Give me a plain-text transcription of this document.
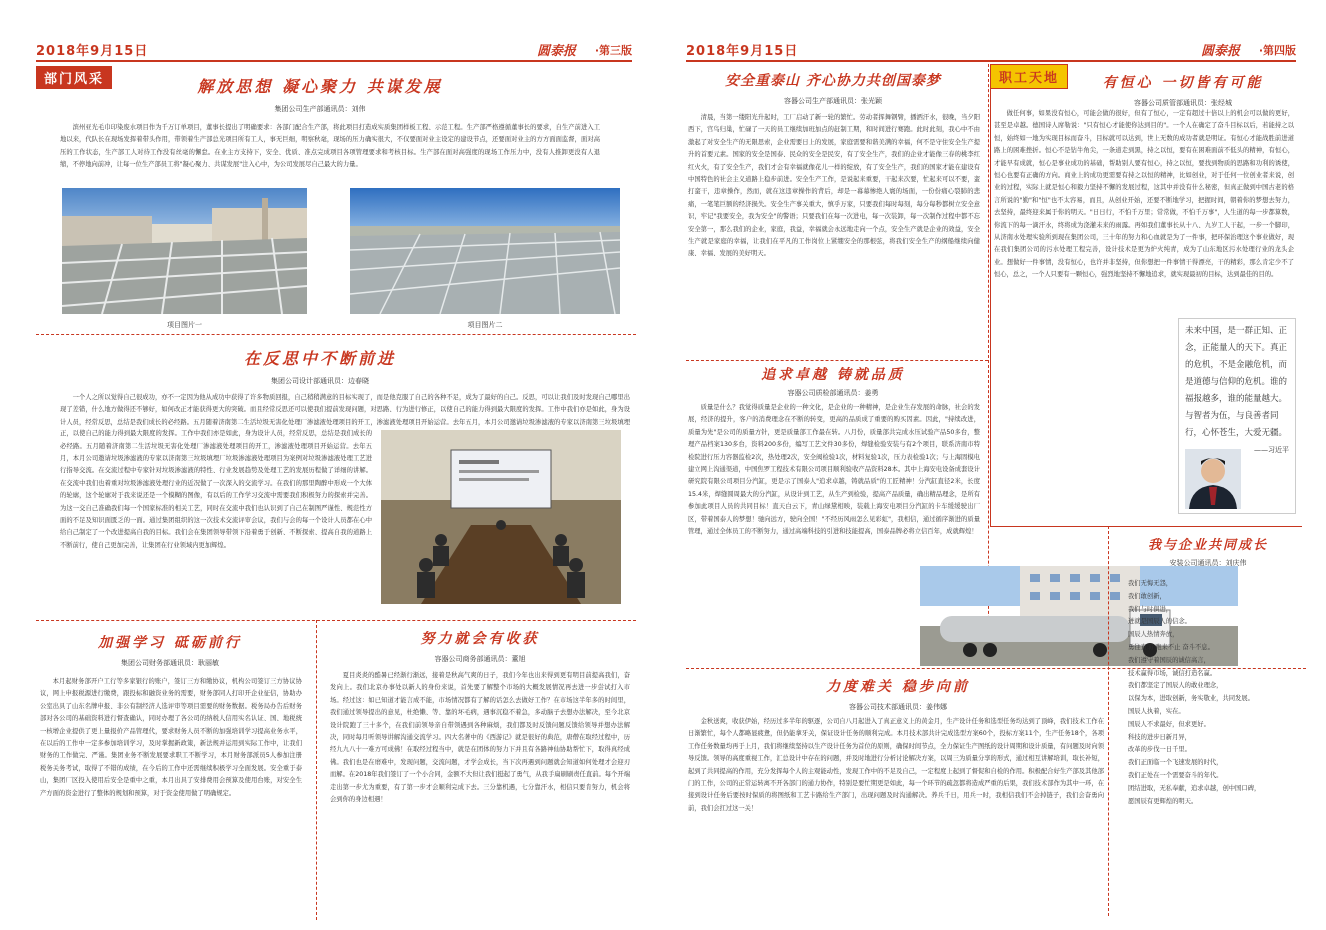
2018年9月15日	圆泰报 ·第三版
部门风采	解放思想 凝心聚力 共谋发展
集团公司生产部通讯员：刘伟
滨州亚光毛巾印染废水项目作为千万订单项目，董事长提出了明确要求：各部门配合生产部，将此项目打造成实质集团样板工程、示范工程。生产部严格遵循董事长的要求，自生产前进入工地以来，代队长在现场发挥着带头作用，带领着生产部总光项目所有工人，事无巨细，明察秋毫，现场的压力确实很大，不仅要面对业主设定的建设节点，还要面对业主的方方面面监督，面对高压的工作状态，生产部工人对待工作没有丝毫的懈怠。在业主方支持下，安全、优质、准点完成项目各项管理要求和考核目标。生产部在面对高强度的现场工作压力中，没有人推卸更没有人退缩，不停地向前冲，让每一位生产部员工将"凝心聚力、共谋发展"注入心中，为公司发展尽自己最大的力量。
项目图片一	项目图片二
在反思中不断前进
集团公司设计部通讯员：边春晓
一个人之所以觉得自己很成功，亦不一定因为他从成功中获得了许多物质回报，自己稍稍满意的目标实现了，而是他克服了自己的各种不足，成为了最好的自己。反思，可以让我们及时发现自己哪里出现了差错，什么地方做得还不够好，如何改正才能获得更大的突破。而且经常反思还可以使我们提前发现问题，对思路、行为进行修正，以使自己的能力得到最大限度的发挥。工作中我们亦是如此，身为设计人员，经常反思，总结是我们成长的必经路。五月随着济南第二生活垃圾无害化处理厂渗滤液处理项目的开工，渗滤液处理项目开始运营。去年五月，本月公司邀请垃圾渗滤液的专家以济南第三垃圾填埋
正，以使自己的能力得到最大限度的发挥。工作中我们亦是如此，身为设计人员，经常反思，总结是我们成长的必经路。五月随着济南第二生活垃圾无害化处理厂渗滤液处理项目的开工，渗滤液处理项目开始运营。去年五月，本月公司邀请垃圾渗滤液的专家以济南第三垃圾填埋厂垃圾渗滤液处理项目为案例对垃圾渗滤液处理工艺进行指导交流。在交流过程中专家针对垃圾渗滤液的特性、行业发展趋势及处理工艺的发展历程做了详细的讲解。在交流中我们也着重对垃圾渗滤液处理行业的近况做了一次深入的交流学习。在我们的那里陶醉中形成一个大体的轮廓，这个轮廓对于我来说还是一个模糊的图像，有以后的工作学习交流中需要我们积极努力的探索并完善。为这一交自己准确我们每一个国家标准的相关工艺，同时在交流中我们也认识到了自己在制图严谨性、规范性方面的不足及知识面匮乏的一面。通过集团组织的这一次技术交流评审会议，我们与会的每一个设计人员都在心中给自己制定了一个改进提高自我的目标。我们会在集团领导带领下沿着勇于创新、不断探索、提高自我的道路上不断前行，使自己更加完善，让集团在行业领域内更加辉煌。
加强学习 砥砺前行
集团公司财务部通讯员：耿丽敏
本月起财务部开户工行等多家银行的账户，签订三方和缴协议，机构公司签订三方协议协议，网上申报税源进行缴费，跟投标和融资业务的需要，财务部同人打印开企业征信，协助办公室出具了山东名牌申报、非公有制经济人选评审等项目需要的财务数据。税务局办告后财务部对各公司的基础资料进行督查确认，同时办理了各公司的纳税人信用实名认证、国、地税统一核增企业提供了更上量报价产品管理代，要求财务人员不断的加强培训学习提高业务水平，在以后的工作中一定多参加培训学习，及时掌握新政策，新法规并运用到实际工作中，让我们财务的工作做完、严谨。集团业务不断发展要求职工不断学习，本月财务部派员5人参加注册税务关务考试，取得了不错的成绩，在今后的工作中还需继续积极学习全面发展。安全重于泰山，集团厂区投入使用后安全是重中之重，本月出具了安排费用会预算及使用台账，对安全生产方面的资金进行了整体的规划和预算，对于资金使用做了明确规定。
努力就会有收获
容器公司商务部通讯员：董旭
夏目炎炎的酷暑已经渐行渐远，接着是秋高气爽的日子，我们今年也出来得到更有明目前提高我们，奋发向上。我们北京办事处以新人的身份来说，首先要了解整个市场的大概发展情况再去进一步尝试打入市场。经过这：如已知道才能言成不能，市场情况都有了解的话怎么去做好工作？在市场这半年多的时间里，我们通过领导提出的意见，杜绝懒、等、靠的坏毛病，遇事沉稳不着急，多动脑子去想办法解决，至今北京设计院跑了三十多个，在我们前领导亲自带领遇到各种麻烦，我们都及时反馈问题反馈给领导并想办法解决，同时每月听领导讲解沟通交流学习。四大名著中的《西游记》就是很好的典范，唐僧在取经过程中，历经九九八十一难方可成佛！在取经过程当中，就是在团体的努力下并且有各路神仙协助帮忙下，取得真经成佛。我们也是在磨难中，发现问题，交流问题，才学会成长，当下次再遇到问题就会知道如何处理才会迎刃而解。在2018年我们签订了一个小合同，金额不大但让我们挺起了勇气，从我手扁刷刷责任直前。每个开端走出第一步尤为重要，有了第一步才会顺利完成下去。三分靠机遇，七分靠汗水，相信只要肯努力，机会将会到你的身边相遇！
2018年9月15日	圆泰报 ·第四版
安全重泰山 齐心协力共创国泰梦
容器公司生产部通讯员：张光颖
清晨，当第一缕阳光升起时，工厂启动了新一轮的繁忙。劳动者挥舞钢臂，播洒汗水，很晚，当夕阳西下，宫鸟归巢，忙碌了一天的员工继续加班加点的赶制工期，和时间进行赛跑。此时此刻，我心中不由激起了对安全生产的无限思索，企业需要日上的发展，家庭需要和谐美满的幸福，何不是守住安全生产提升的首要元素。国家的安全是国泰、民众的安全是民安，有了安全生产，我们的企业才能像三春的桃李红红火火，有了安全生产，我们才会有幸福就像花儿一样的绽放，有了安全生产，我们的国家才能在建设有中国特色的社会主义道路上稳步前进。安全生产工作，是说起来重要，干起来次要，忙起来可以不要，蛮打蛮干，违章操作，然而，就在这违章操作的背后，却是一幕幕惨绝人寰的场面，一份份痛心裂肺的悲痛，一笔笔巨额的经济损失。安全生产事关重大，慎乎万家，只要我们每时每刻，每分每秒都树立安全意识，牢记"我要安全，我为安全"的警语；只要我们在每一次进电，每一次装卸，每一次制作过程中都不忘安全第一，那么我们的企业，家庭，我益，幸福就会永远地走向一个点，安全生产就是企业的效益，安全生产就是家庭的幸福，让我们在平凡的工作岗位上紧绷安全的那根弦，将我们安全生产的纲船继续向健康、幸福、发展的美好明天。
追求卓越 铸就品质
容器公司质检部通讯员：姜勇
质量是什么？我觉得质量是企业的一种文化，是企业的一种精神，是企业生存发展的命脉，社会的发展，经济的提升，客户的消费理念在不断的转变，更高的品质成了重要的购买因素。因此，"持续改进，质量为先"是公司的质量方针，更是质量部工作最在转。八月份，质量部共完成水压试验产品50多台，整理产品档案130多台，资料200多份，编写工艺文件30多份，焊缝检验安装与有2个项目，联系济南市特检院进行压力容器监检2次，热处理2次，安全阀检验1次，材料复验1次，压力表检验1次；与上海固模电建立网上沟通渠道，中国焦罗工程技术有限公司项目顺利验收产品资料28本。其中上海安电设备成套设计研究院有限公司项目分汽缸，更是示了国泰人"追求卓越，铸就品质"的工匠精神！分汽缸直径2米，长度15.4米，焊缝圆周最大的分汽缸，从设计到工艺，从生产到检验，提高产品质量，确出精品理念，是所有参加此项目人员的共同目标！直天白云下，青山绿黛相映，装载上海安电项目分汽缸的卡车缓缓驶出厂区，带着国泰人的梦想！驰向远方，驶向全国！"不经历风雨怎么见彩虹"，我相信，通过循序渐进的质量管理，通过全体员工的不断努力，通过高端科技的引进和技能提高，国泰品牌必将立信百年，成就辉煌！
力度难关 稳步向前
容器公司技术部通讯员：姜伟娜
金秋送爽，收获伊始，经历过多半年的驱逐，公司自八月起进入了真正意义上的黄金月，生产设计任务和选型任务均达到了顶峰，我们技术工作在日渐繁忙，每个人都略显疲惫，但仍能拿牙关，保证设计任务的顺利完成。本月技术部共计完成选型方案60个，投标方案11个，生产任务18个，各项工作任务数量均再于上月，我们将继续坚持以生产设计任务为首位的原则，确保时间节点，全力保证生产图纸的设计周期和设计质量，有问题及时向领导反馈。领导的高度重视工作，汇总设计中存在的问题，并及时地进行分析讨论解决方案，以周三为质量分享的形式，通过相互讲解培训，取长补短，起到了共同提高的作用，充分发挥每个人的主观能动性，发现工作中的不足及自己，一定程度上起到了督促和自检的作用。积极配合好生产部及其他部门的工作，公司的正常运转离不开各部门的通力协作，特别是要忙期更是如此，每一个环节的疏忽都将造成严重的后果，我们技术部作为其中一环，在接到设计任务后要按时保质的将图纸和工艺卡路给生产部门，出现问题及时沟通解决。养兵千日，用兵一时，我相信我们不会掉链子，我们会奋勇向前，我们会扛过这一关！
职工天地	有恒心 一切皆有可能
容器公司质管部通讯员：张经城
做任何事，如果没有恒心，可能会做的很好，但有了恒心，一定有超过十倍以上的机会可以做的更好，甚至是卓越。德国诗人席勒说："只有恒心才能使你达到目的"。一个人在确定了奋斗目标以后，若能持之以恒，始终如一地为实现目标而奋斗，目标就可以达到，世上无数的成功者就是明证。有恒心才能战胜前进道路上的困难挫折。恒心不是钻牛角尖，一条道走到黑，持之以恒，要有在困难面前不低头的精神，有恒心，才能早有成就，恒心是事业成功的基础，帮助别人要有恒心，持之以恒，要找到物质的思路和功利的诱使，恒心也要有正确的方向。商业上的成功更需要有持之以恒的精神，比如创业，对于任何一位创业者来说，创业的过程，实际上就是恒心和毅力坚持不懈的发展过程，这其中并没有什么秘密，但真正做到中国古老的格言所说的"勤"和"恒"也不太容易，而且，从创业开始，还要不断地学习，把握时间，朝着你的梦想去努力，去坚持，最终迎来属于你的明天。"日日行，不怕千万里；常常做，不怕千万事"，人生道的每一步都算数，你流下的每一滴汗水，终将成为浇灌未来的雨露。再如我们董事长从十八、九岁工人干起，一步一个脚印，从济南水处理实验所到现在集团公司，三十年的努力和心血就是为了一件事，把环保治理这个事业做好，现在我们集团公司的污水处理工程完善，设计技术是更为炉火纯青，成为了山东地区污水处理行业的龙头企业。想做好一件事情，没有恒心，也许并非坚持，但你想把一件事情干得漂亮，干的精彩，那么肯定少不了恒心，总之，一个人只要有一颗恒心，强烈地坚持不懈地追求，就实现最初的目标，达到最佳的目的。
未来中国，是一群正知、正念，正能量人的天下。真正的危机，不是金融危机，而是道德与信仰的危机。谁的福报越多，谁的能量越大。与智者为伍，与良善者同行，心怀苍生，大爱无疆。
——习近平
我与企业共同成长
安装公司通讯员：刘庆伟
我们无悔无怨，
我们敢创新，
我们与时俱进，
迸就是国辰人的信念。
国辰人热情奔放，
勇往直前 跑来不止 奋斗不息。
我们遵守着国辰的诚信高言，
技术赢得市场，诚信打造名赢。
我们都坚定了国辰人的敢业理念，
以保为本，进取创新，务实敬业，共同发展。
国辰人执着，实在。
国辰人不求最好，但求更好。
科技的进步日新月异，
改革的步伐一日千里。
我们正面临一个飞速发展的时代，
我们正处在一个需要奋斗的年代。
团结进取，无私奉献，追求卓越，创中国口碑，
愿国辰有更辉煌的明天。
